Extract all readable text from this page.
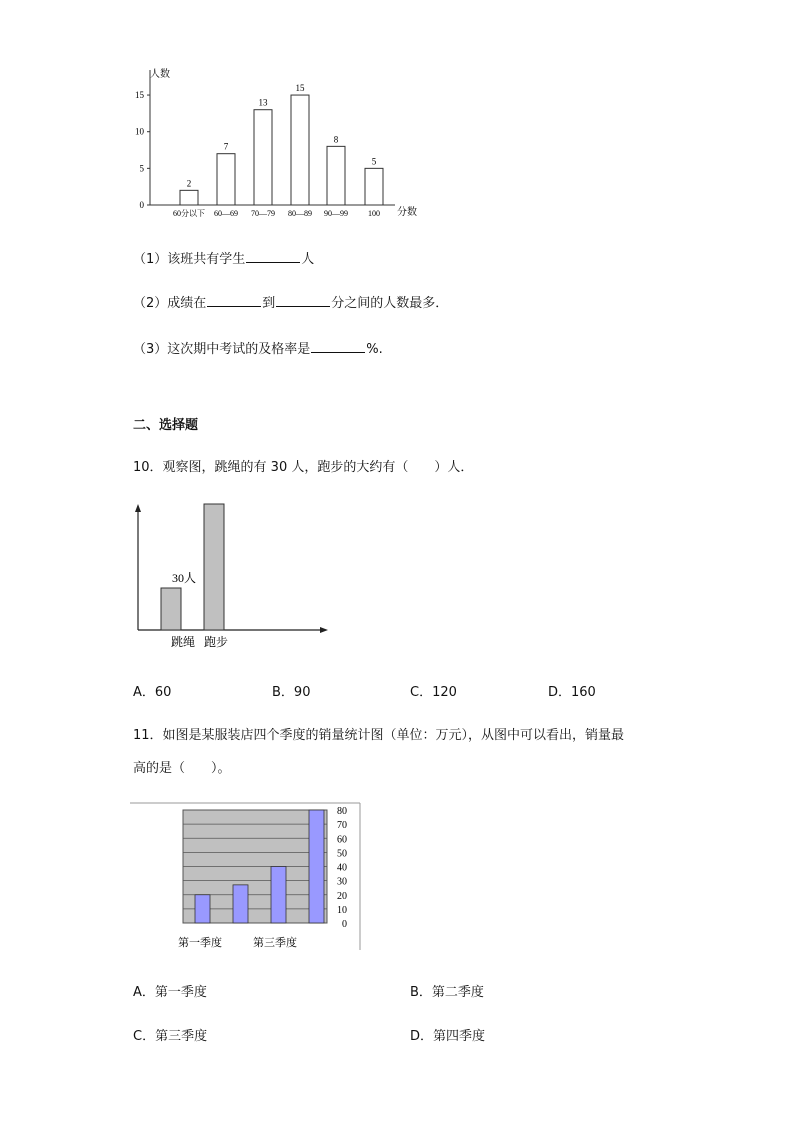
0
5
10
15
2
60分以下
7
60—69
13
70—79
15
80—89
8
90—99
5
100
人数
分数
（1）该班共有学生	人
（2）成绩在	到	分之间的人数最多．
（3）这次期中考试的及格率是	%.
二、选择题
10．观察图，跳绳的有 30 人，跑步的大约有（　　）人．
30人
跳绳 跑步
A．60	B．90	C．120	D．160
11．如图是某服装店四个季度的销量统计图（单位：万元），从图中可以看出，销量最
高的是（　　）。
0
10
20
30
40
50
60
70
80
第一季度	第三季度
A．第一季度	B．第二季度
C．第三季度	D．第四季度
